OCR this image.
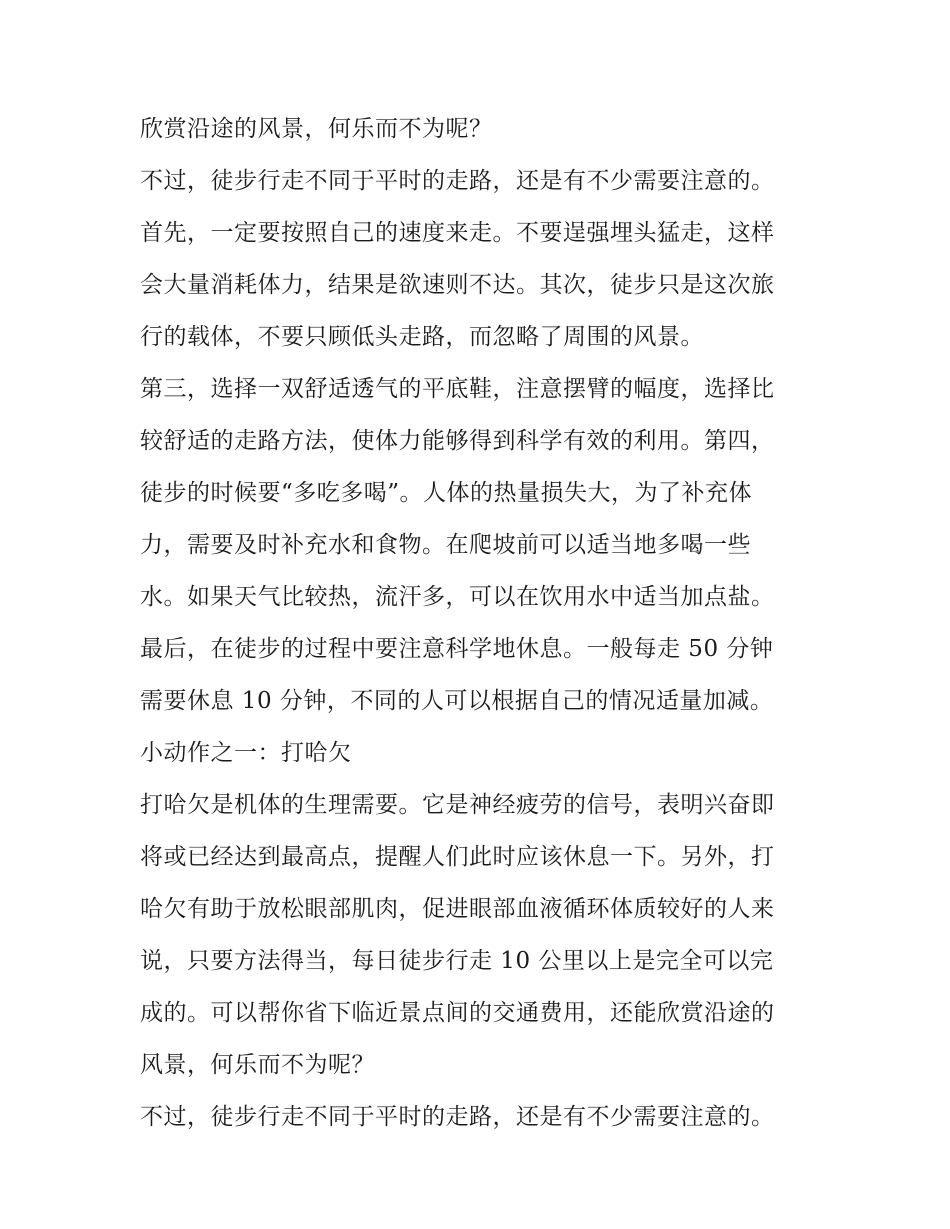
欣赏沿途的风景，何乐而不为呢？
不过，徒步行走不同于平时的走路，还是有不少需要注意的。
首先，一定要按照自己的速度来走。不要逞强埋头猛走，这样
会大量消耗体力，结果是欲速则不达。其次，徒步只是这次旅
行的载体，不要只顾低头走路，而忽略了周围的风景。
第三，选择一双舒适透气的平底鞋，注意摆臂的幅度，选择比
较舒适的走路方法，使体力能够得到科学有效的利用。第四，
徒步的时候要“多吃多喝”。人体的热量损失大，为了补充体
力，需要及时补充水和食物。在爬坡前可以适当地多喝一些
水。如果天气比较热，流汗多，可以在饮用水中适当加点盐。
最后，在徒步的过程中要注意科学地休息。一般每走 50 分钟
需要休息 10 分钟，不同的人可以根据自己的情况适量加减。
小动作之一：打哈欠
打哈欠是机体的生理需要。它是神经疲劳的信号，表明兴奋即
将或已经达到最高点，提醒人们此时应该休息一下。另外，打
哈欠有助于放松眼部肌肉，促进眼部血液循环体质较好的人来
说，只要方法得当，每日徒步行走 10 公里以上是完全可以完
成的。可以帮你省下临近景点间的交通费用，还能欣赏沿途的
风景，何乐而不为呢？
不过，徒步行走不同于平时的走路，还是有不少需要注意的。
